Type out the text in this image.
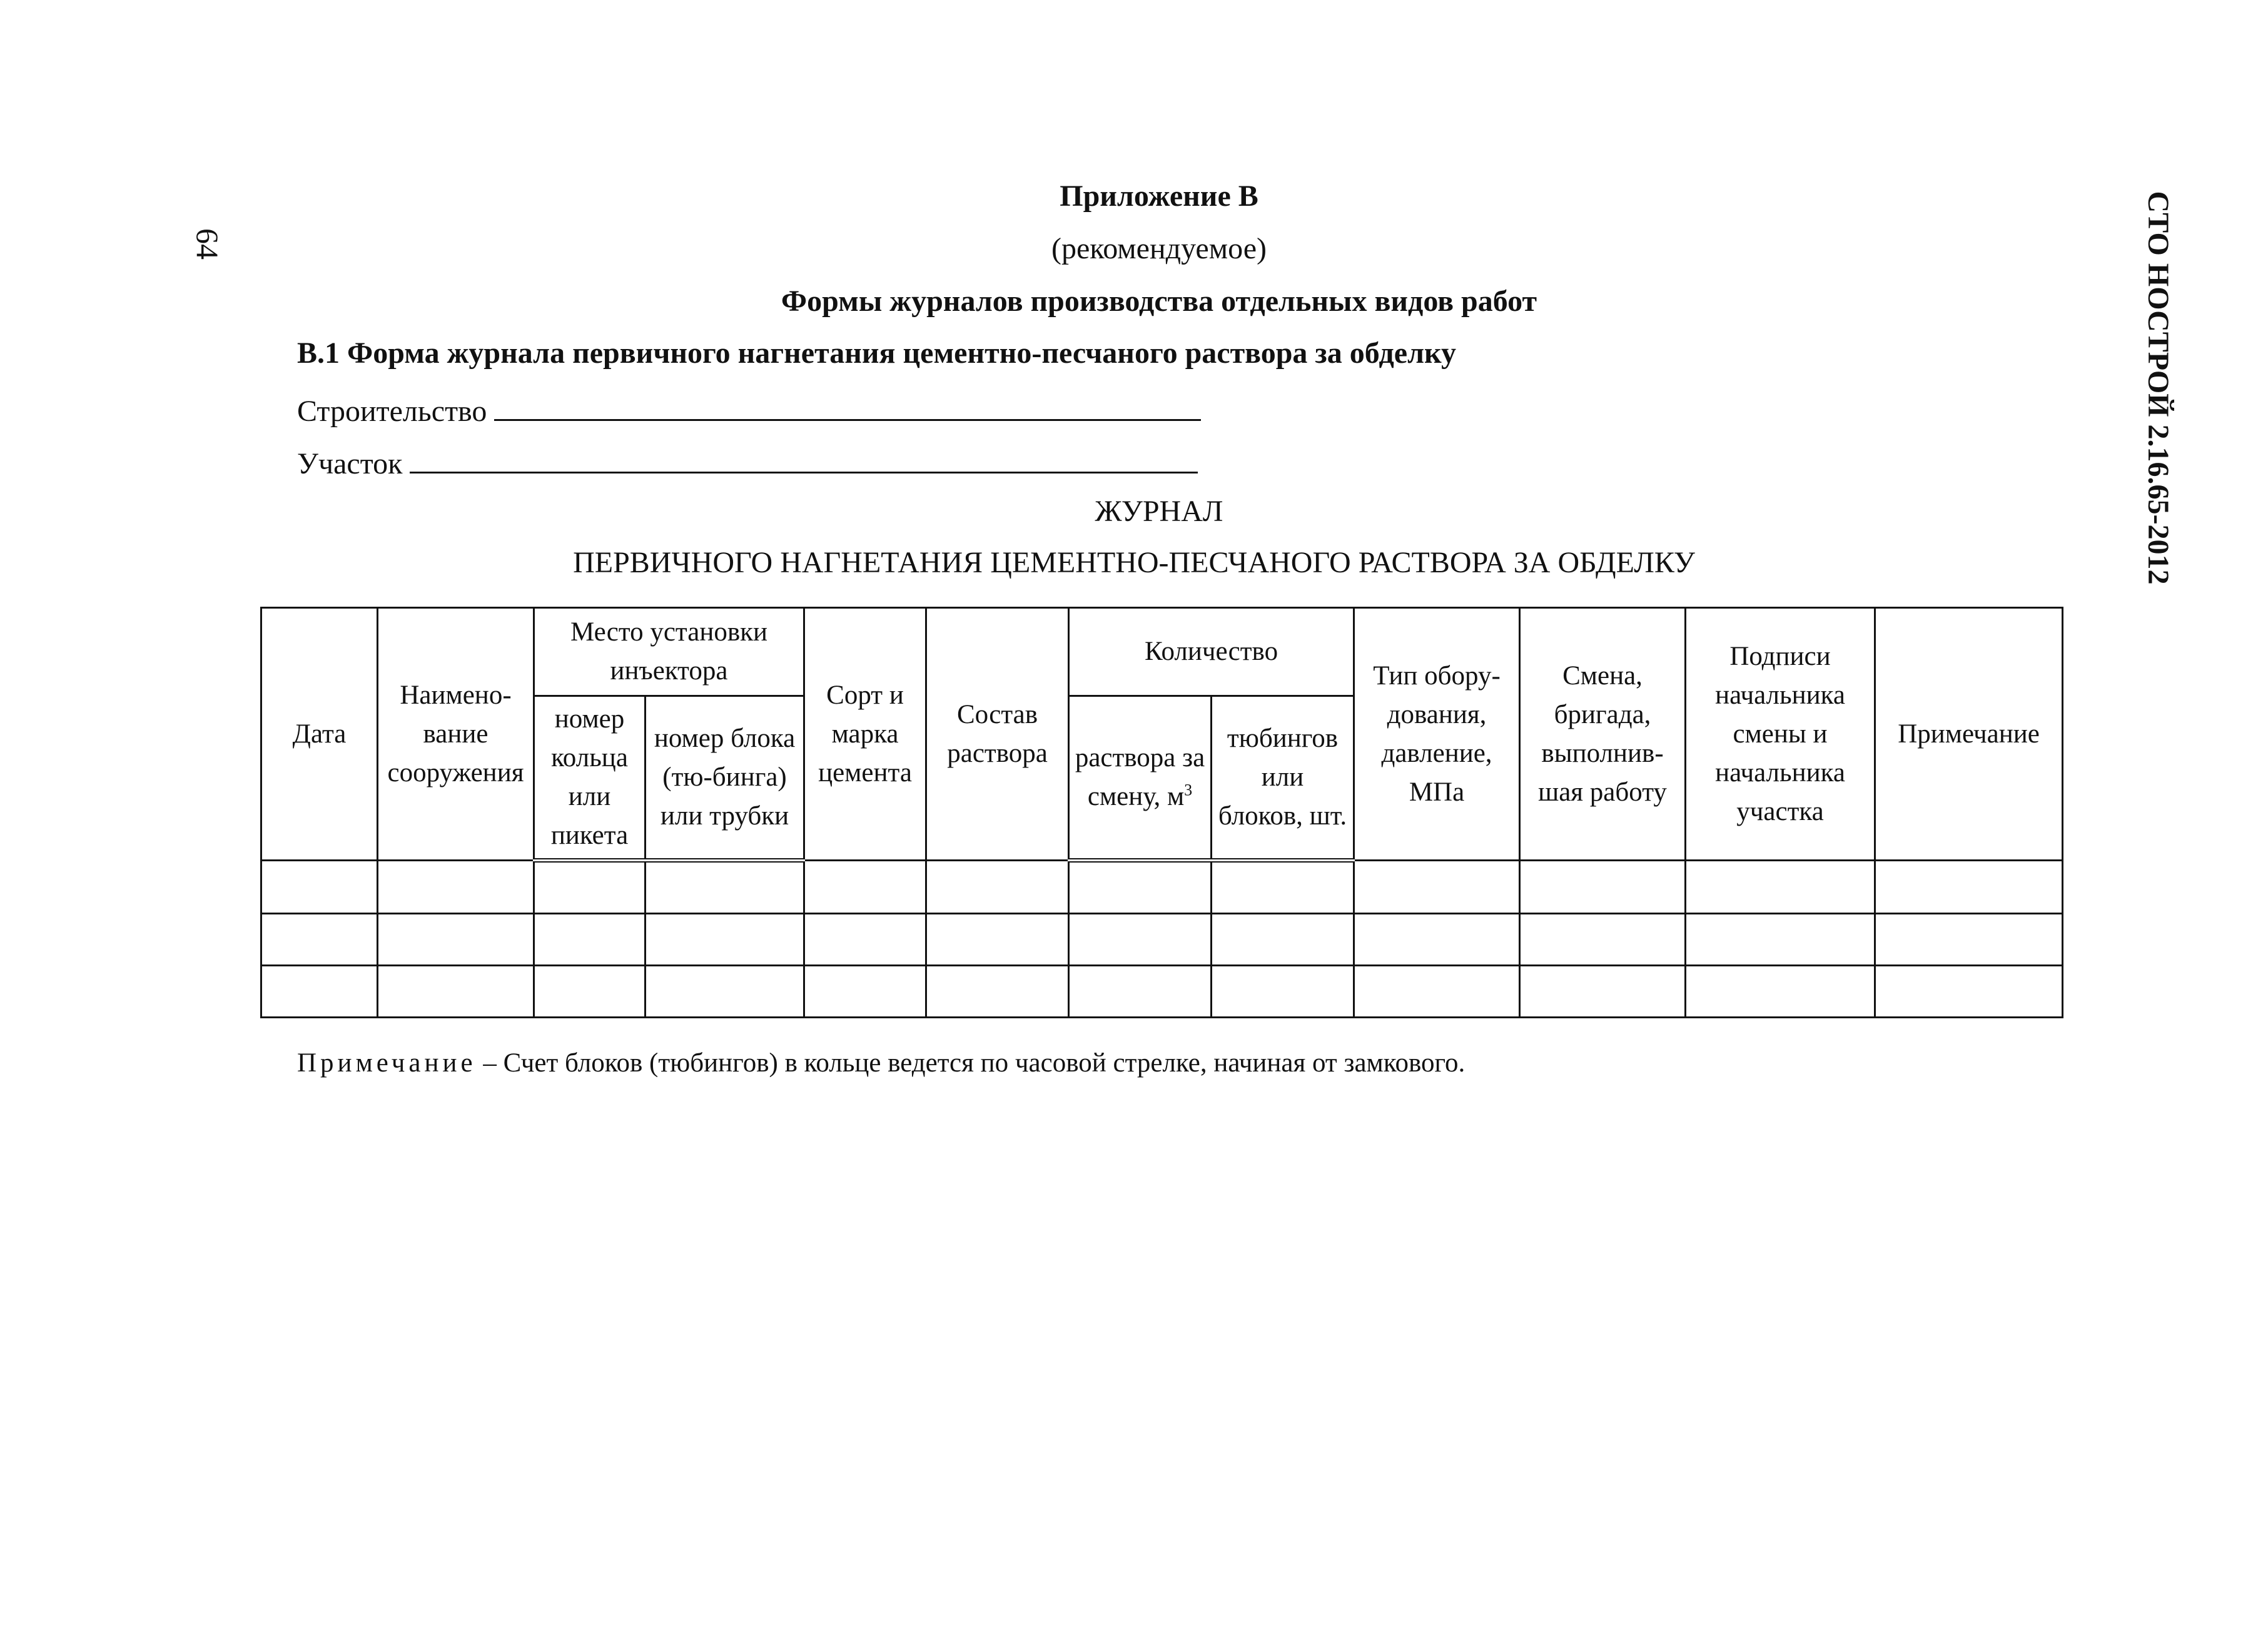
64	СТО НОСТРОЙ 2.16.65-2012
Приложение В
(рекомендуемое)
Формы журналов производства отдельных видов работ
В.1 Форма журнала первичного нагнетания цементно-песчаного раствора за обделку
Строительство
Участок
ЖУРНАЛ
ПЕРВИЧНОГО НАГНЕТАНИЯ ЦЕМЕНТНО-ПЕСЧАНОГО РАСТВОРА ЗА ОБДЕЛКУ
Дата	Наимено-вание сооружения	Место установки инъектора		Сорт и марка цемента	Состав раствора	Количество		Тип обору-дования, давление, МПа	Смена, бригада, выполнив-шая работу	Подписи начальника смены и начальника участка	Примечание
		номер кольца или пикета	номер блока (тю-бинга) или трубки			раствора за смену, $м^3$	тюбингов или блоков, шт.				

Примечание – Счет блоков (тюбингов) в кольце ведется по часовой стрелке, начиная от замкового.
